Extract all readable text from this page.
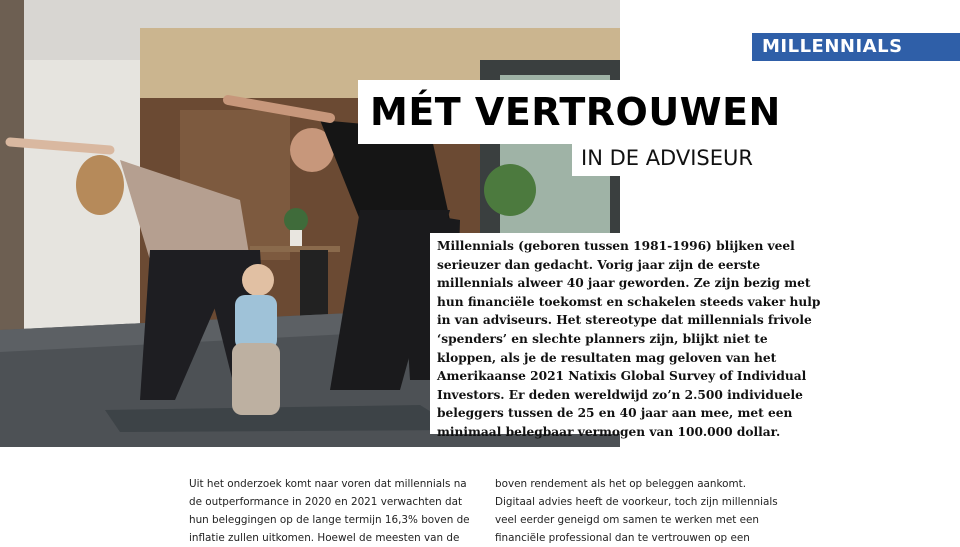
MILLENNIALS
MÉT VERTROUWEN
IN DE ADVISEUR

Millennials (geboren tussen 1981-1996) blijken veel serieuzer dan gedacht. Vorig jaar zijn de eerste millennials alweer 40 jaar geworden. Ze zijn bezig met hun financiële toekomst en schakelen steeds vaker hulp in van adviseurs. Het stereotype dat millennials frivole ‘spenders’ en slechte planners zijn, blijkt niet te kloppen, als je de resultaten mag geloven van het Amerikaanse 2021 Natixis Global Survey of Individual Investors. Er deden wereldwijd zo’n 2.500 individuele beleggers tussen de 25 en 40 jaar aan mee, met een minimaal belegbaar vermogen van 100.000 dollar.

Uit het onderzoek komt naar voren dat millennials na de outperformance in 2020 en 2021 verwachten dat hun beleggingen op de lange termijn 16,3% boven de inflatie zullen uitkomen. Hoewel de meesten van de

boven rendement als het op beleggen aankomt. Digitaal advies heeft de voorkeur, toch zijn millennials veel eerder geneigd om samen te werken met een financiële professional dan te vertrouwen op een
